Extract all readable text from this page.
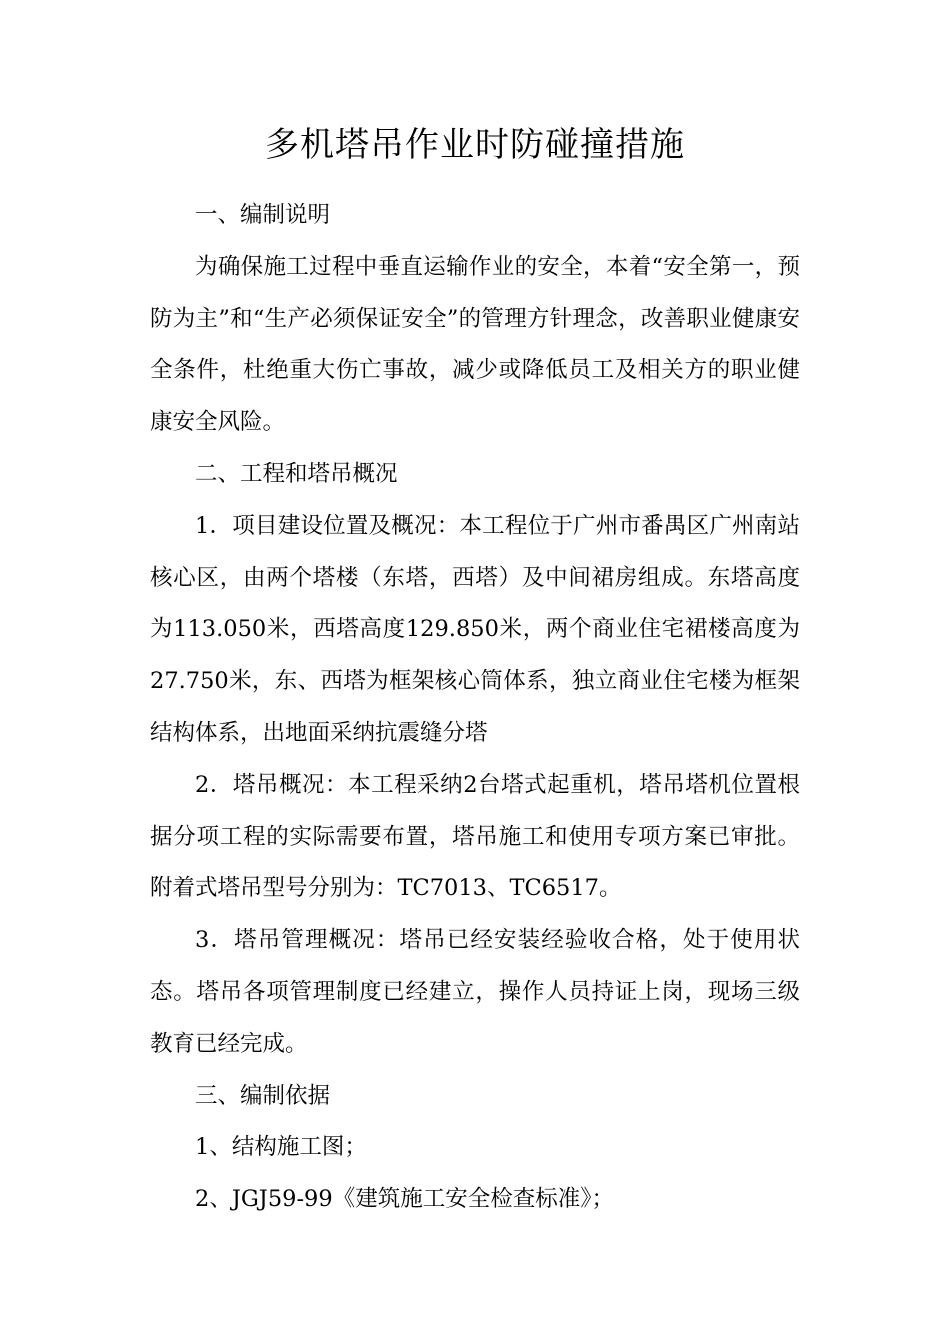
多机塔吊作业时防碰撞措施

一、编制说明

为确保施工过程中垂直运输作业的安全，本着“安全第一，预防为主”和“生产必须保证安全”的管理方针理念，改善职业健康安全条件，杜绝重大伤亡事故，减少或降低员工及相关方的职业健康安全风险。

二、工程和塔吊概况

1．项目建设位置及概况：本工程位于广州市番禺区广州南站核心区，由两个塔楼（东塔，西塔）及中间裙房组成。东塔高度为113.050米，西塔高度129.850米，两个商业住宅裙楼高度为27.750米，东、西塔为框架核心筒体系，独立商业住宅楼为框架结构体系，出地面采纳抗震缝分塔

2．塔吊概况：本工程采纳2台塔式起重机，塔吊塔机位置根据分项工程的实际需要布置，塔吊施工和使用专项方案已审批。附着式塔吊型号分别为：TC7013、TC6517。

3．塔吊管理概况：塔吊已经安装经验收合格，处于使用状态。塔吊各项管理制度已经建立，操作人员持证上岗，现场三级教育已经完成。

三、编制依据

1、结构施工图；

2、JGJ59-99《建筑施工安全检查标准》；
